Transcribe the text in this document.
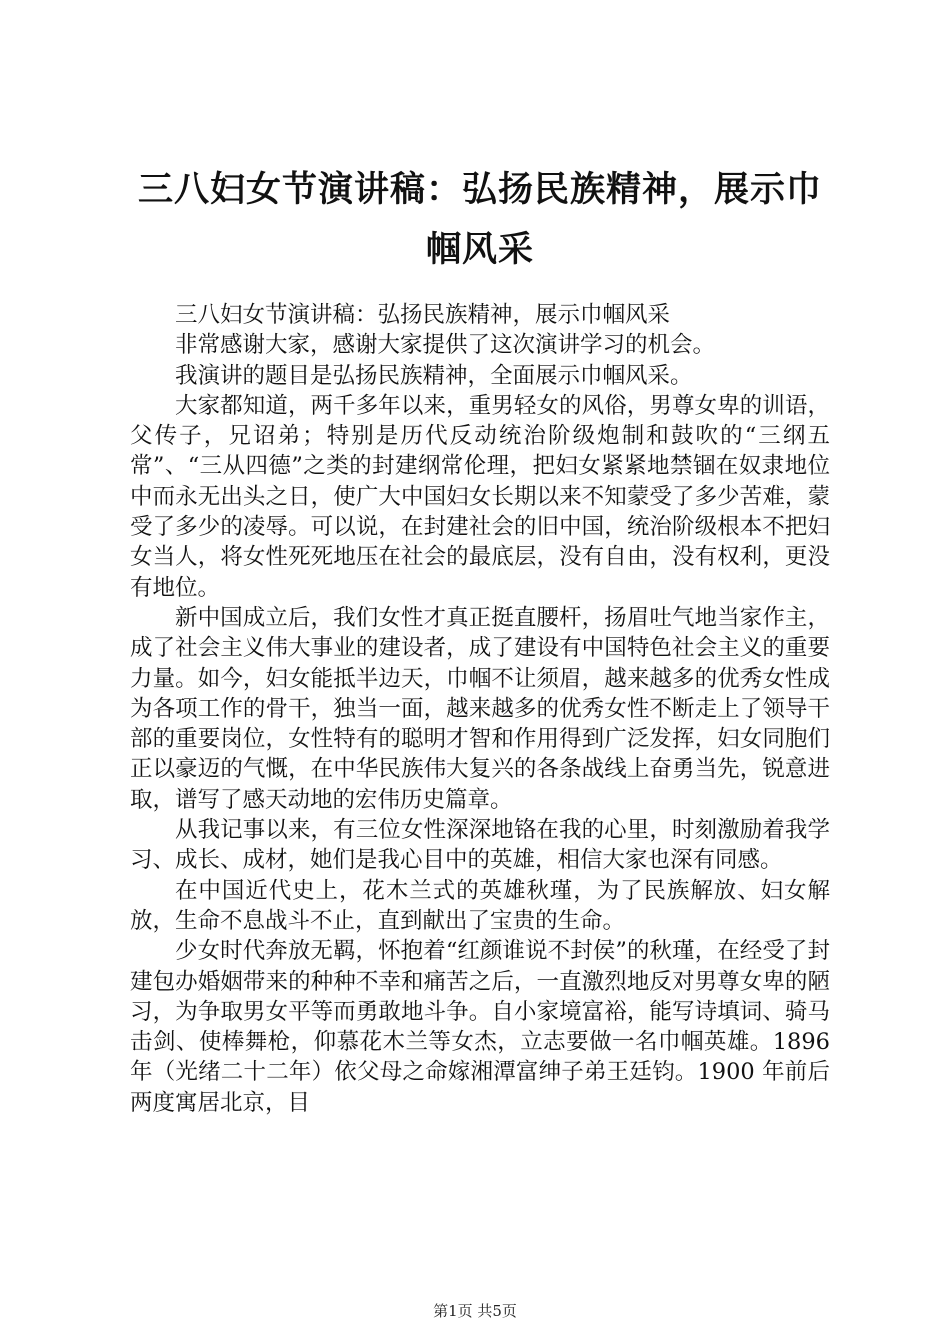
三八妇女节演讲稿：弘扬民族精神，展示巾帼风采

三八妇女节演讲稿：弘扬民族精神，展示巾帼风采

非常感谢大家，感谢大家提供了这次演讲学习的机会。

我演讲的题目是弘扬民族精神，全面展示巾帼风采。

大家都知道，两千多年以来，重男轻女的风俗，男尊女卑的训语，父传子，兄诏弟；特别是历代反动统治阶级炮制和鼓吹的“三纲五常”、“三从四德”之类的封建纲常伦理，把妇女紧紧地禁锢在奴隶地位中而永无出头之日，使广大中国妇女长期以来不知蒙受了多少苦难，蒙受了多少的凌辱。可以说，在封建社会的旧中国，统治阶级根本不把妇女当人，将女性死死地压在社会的最底层，没有自由，没有权利，更没有地位。

新中国成立后，我们女性才真正挺直腰杆，扬眉吐气地当家作主，成了社会主义伟大事业的建设者，成了建设有中国特色社会主义的重要力量。如今，妇女能抵半边天，巾帼不让须眉，越来越多的优秀女性成为各项工作的骨干，独当一面，越来越多的优秀女性不断走上了领导干部的重要岗位，女性特有的聪明才智和作用得到广泛发挥，妇女同胞们正以豪迈的气慨，在中华民族伟大复兴的各条战线上奋勇当先，锐意进取，谱写了感天动地的宏伟历史篇章。

从我记事以来，有三位女性深深地铬在我的心里，时刻激励着我学习、成长、成材，她们是我心目中的英雄，相信大家也深有同感。

在中国近代史上，花木兰式的英雄秋瑾，为了民族解放、妇女解放，生命不息战斗不止，直到献出了宝贵的生命。

少女时代奔放无羁，怀抱着“红颜谁说不封侯”的秋瑾，在经受了封建包办婚姻带来的种种不幸和痛苦之后，一直激烈地反对男尊女卑的陋习，为争取男女平等而勇敢地斗争。自小家境富裕，能写诗填词、骑马击剑、使棒舞枪，仰慕花木兰等女杰，立志要做一名巾帼英雄。1896 年（光绪二十二年）依父母之命嫁湘潭富绅子弟王廷钧。1900 年前后两度寓居北京，目

第1页 共5页
